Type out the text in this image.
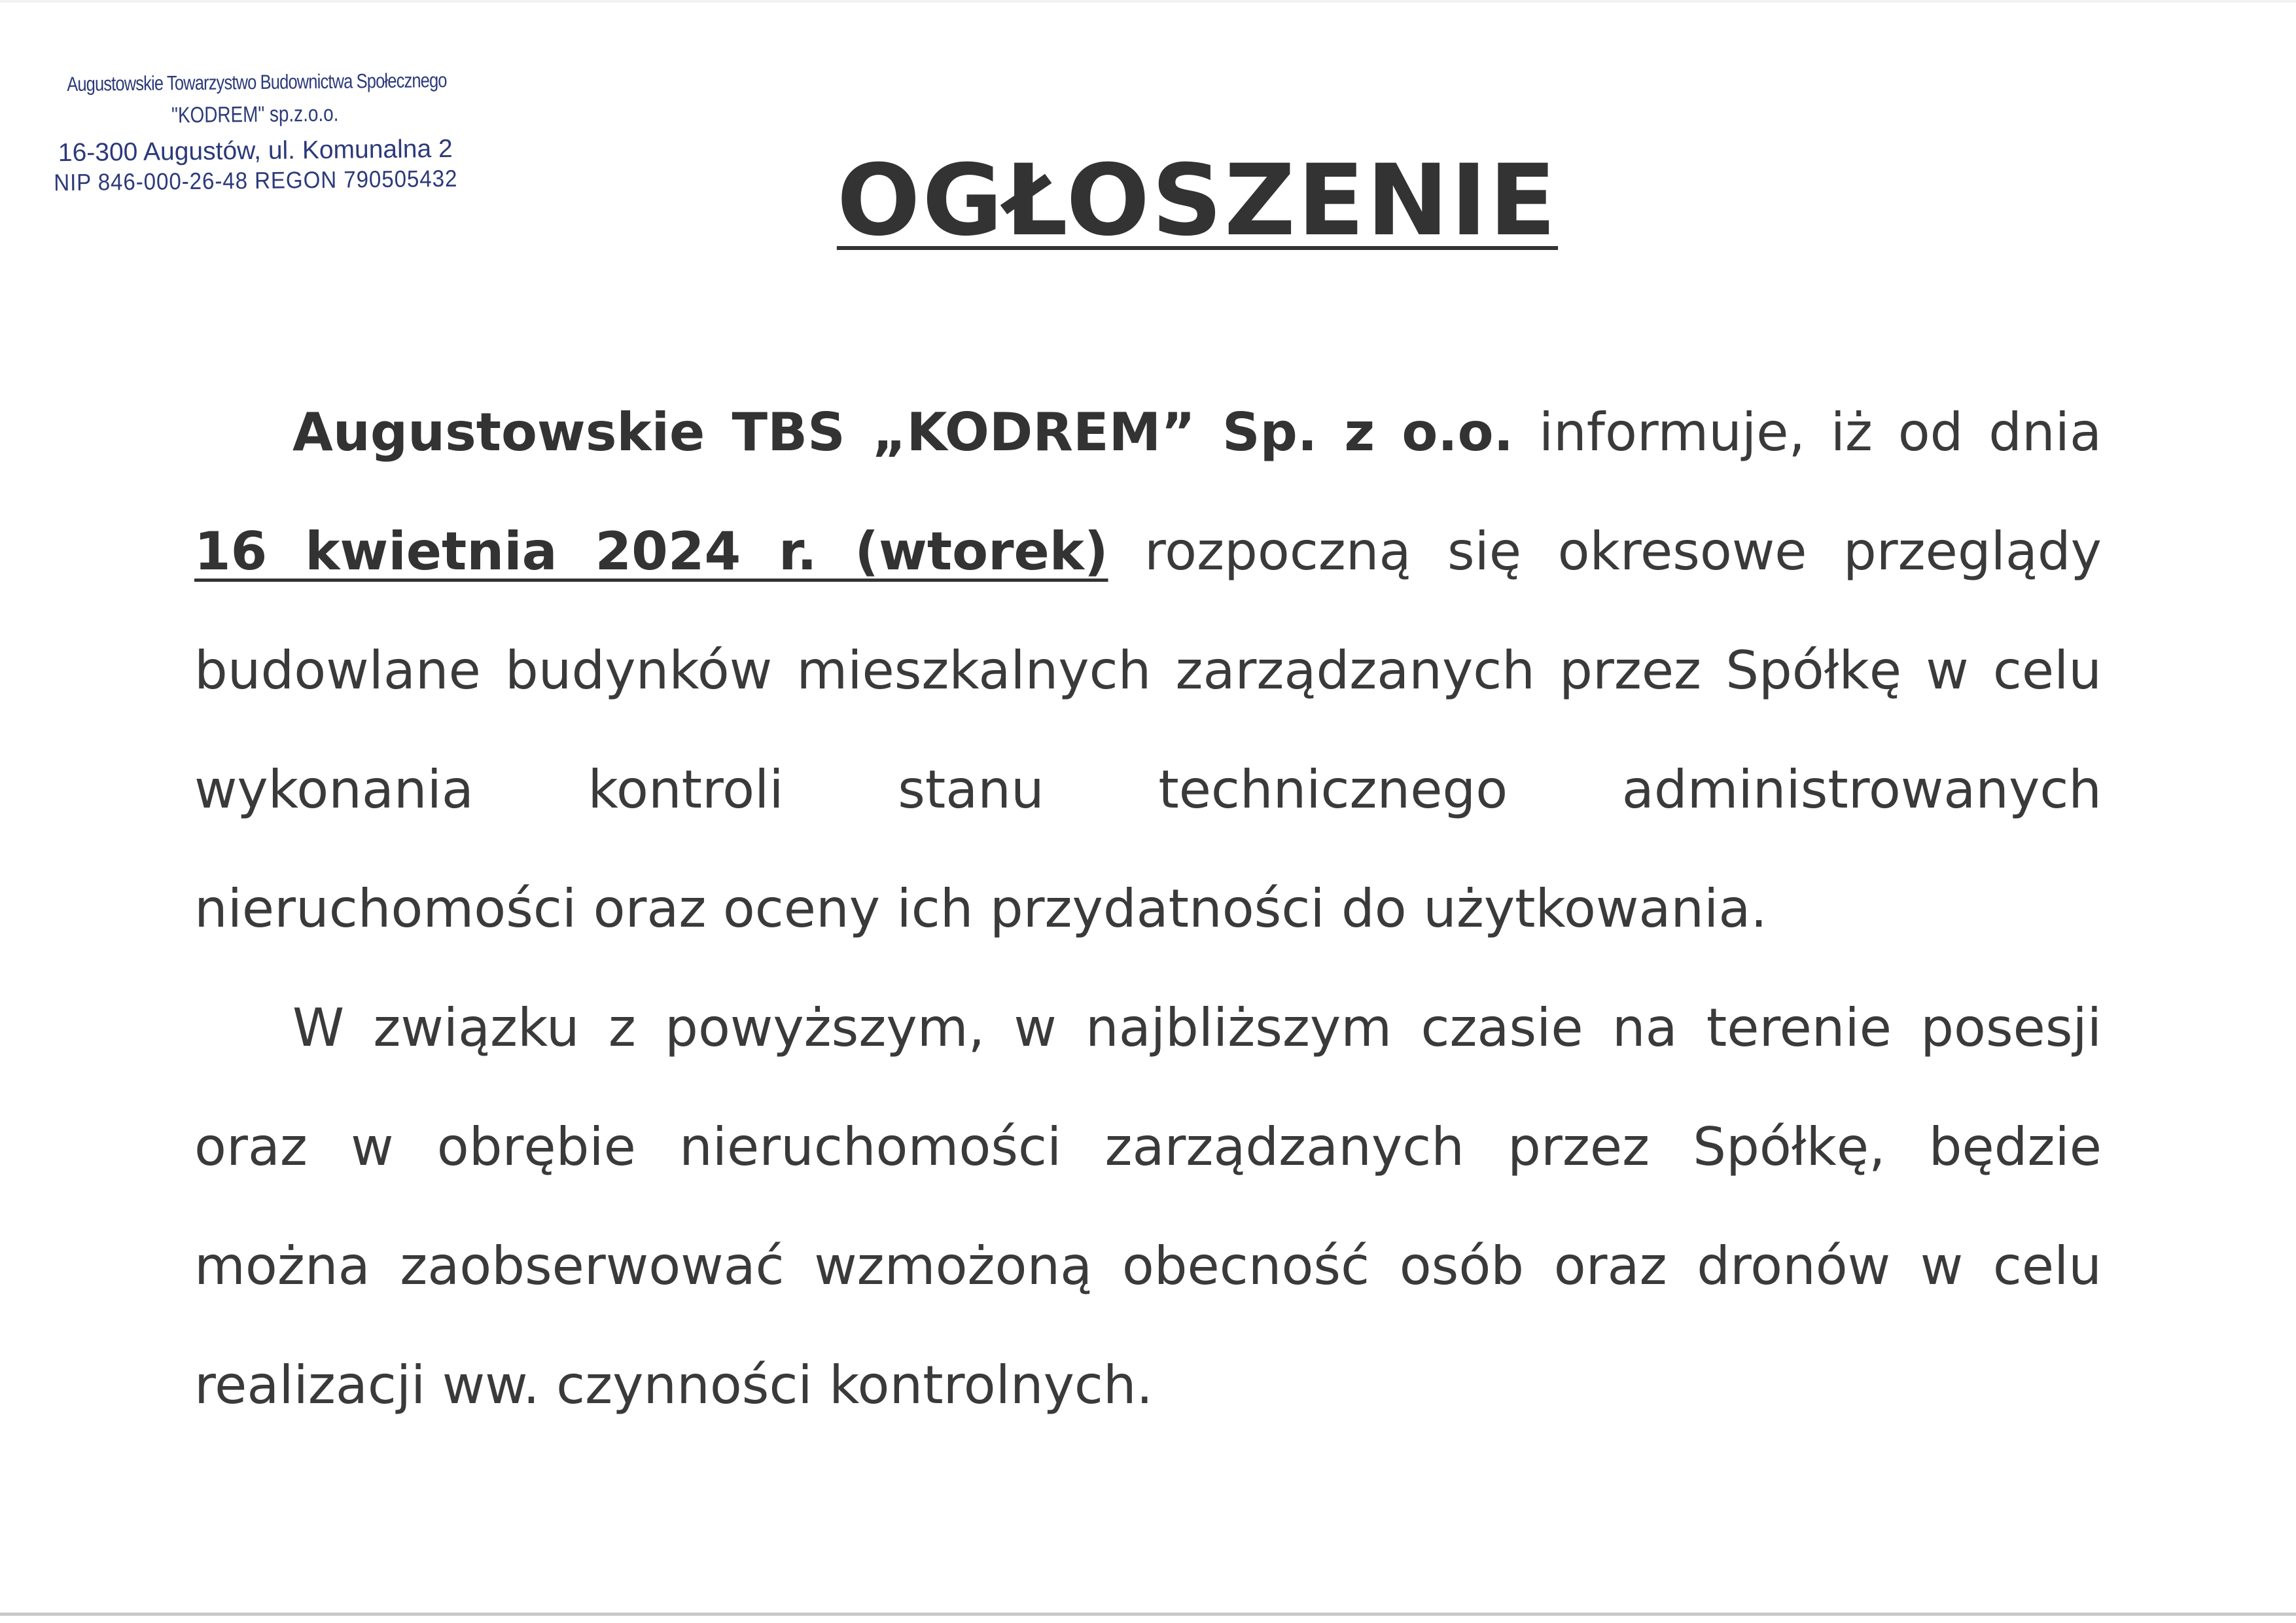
Augustowskie Towarzystwo Budownictwa Społecznego
"KODREM" sp.z.o.o.
16-300 Augustów, ul. Komunalna 2
NIP 846-000-26-48 REGON 790505432	OGŁOSZENIE

Augustowskie TBS „KODREM” Sp. z o.o. informuje, iż od dnia 16 kwietnia 2024 r. (wtorek) rozpoczną się okresowe przeglądy budowlane budynków mieszkalnych zarządzanych przez Spółkę w celu wykonania kontroli stanu technicznego administrowanych nieruchomości oraz oceny ich przydatności do użytkowania.

W związku z powyższym, w najbliższym czasie na terenie posesji oraz w obrębie nieruchomości zarządzanych przez Spółkę, będzie można zaobserwować wzmożoną obecność osób oraz dronów w celu realizacji ww. czynności kontrolnych.
